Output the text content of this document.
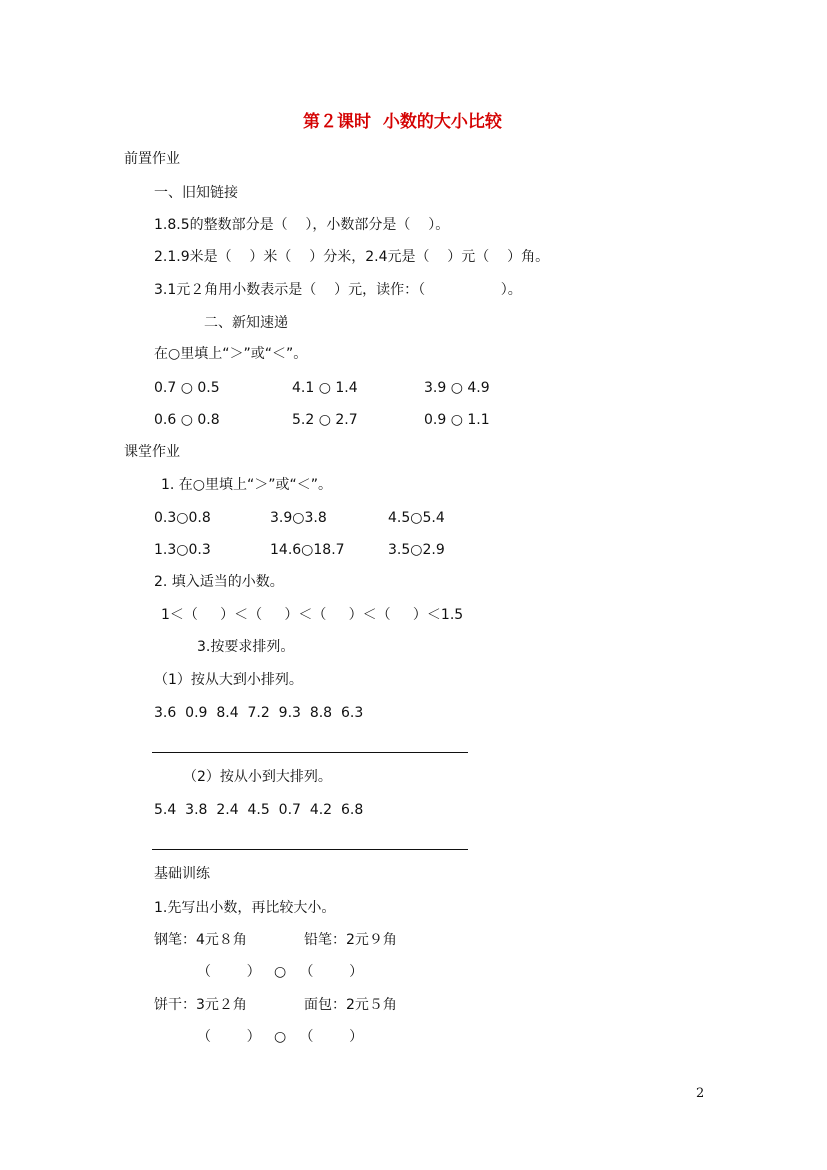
第２课时  小数的大小比较
前置作业
一、旧知链接
1.8.5的整数部分是（    ），小数部分是（    ）。
2.1.9米是（    ）米（    ）分米，2.4元是（    ）元（    ）角。
3.1元２角用小数表示是（    ）元，读作：（                 ）。
二、新知速递
在○里填上“＞”或“＜”。
0.7 ○ 0.5	4.1 ○ 1.4	3.9 ○ 4.9
0.6 ○ 0.8	5.2 ○ 2.7	0.9 ○ 1.1
课堂作业
1. 在○里填上“＞”或“＜”。
0.3○0.8	3.9○3.8	4.5○5.4
1.3○0.3	14.6○18.7	3.5○2.9
2. 填入适当的小数。
1＜（     ）＜（     ）＜（     ）＜（     ）＜1.5
3.按要求排列。
（1）按从大到小排列。
3.6  0.9  8.4  7.2  9.3  8.8  6.3
（2）按从小到大排列。
5.4  3.8  2.4  4.5  0.7  4.2  6.8
基础训练
1.先写出小数，再比较大小。
钢笔：4元８角	铅笔：2元９角
（        ）   ○   （        ）
饼干：3元２角	面包：2元５角
（        ）   ○   （        ）
2
